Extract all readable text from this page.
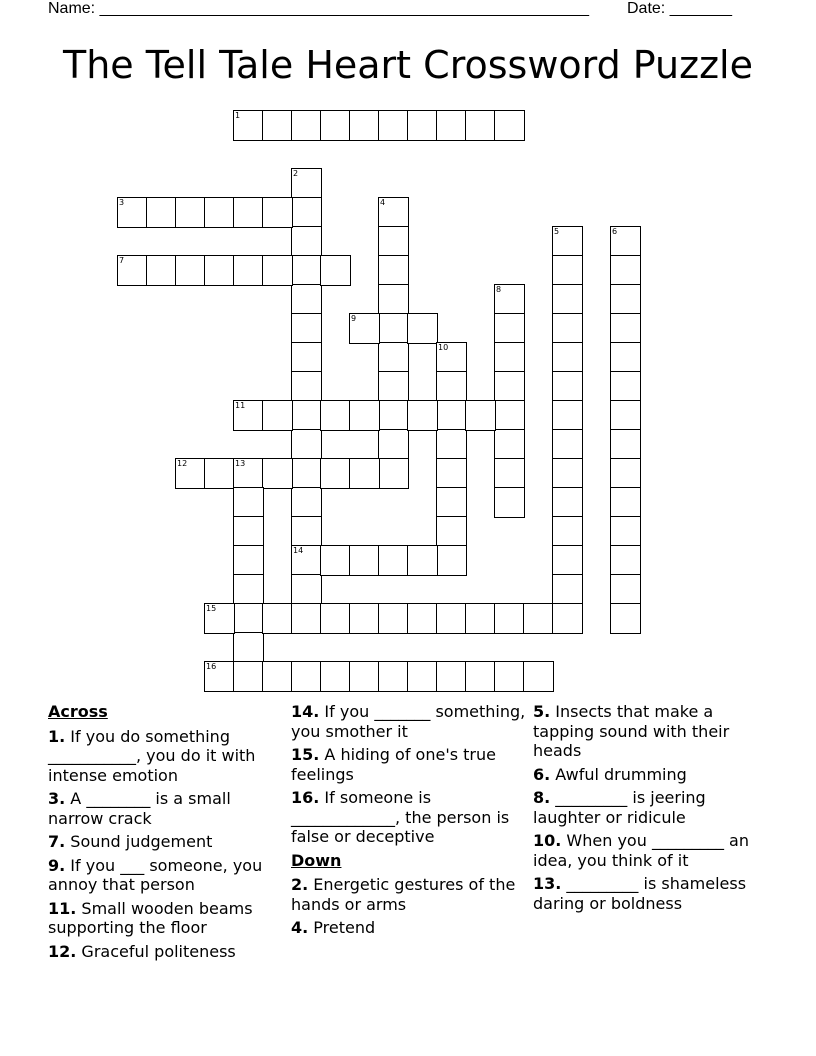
Name: _______________________________________________________ Date: _______
The Tell Tale Heart Crossword Puzzle
1
2
14
3	4
5	6
7
8
9
10
11
12	13
15
16
Across
1. If you do something ___________, you do it with intense emotion
3. A ________ is a small narrow crack
7. Sound judgement
9. If you ___ someone, you annoy that person
11. Small wooden beams supporting the floor
12. Graceful politeness
14. If you _______ something, you smother it
15. A hiding of one's true feelings
16. If someone is _____________, the person is false or deceptive
Down
2. Energetic gestures of the hands or arms
4. Pretend
5. Insects that make a tapping sound with their heads
6. Awful drumming
8. _________ is jeering laughter or ridicule
10. When you _________ an idea, you think of it
13. _________ is shameless daring or boldness
